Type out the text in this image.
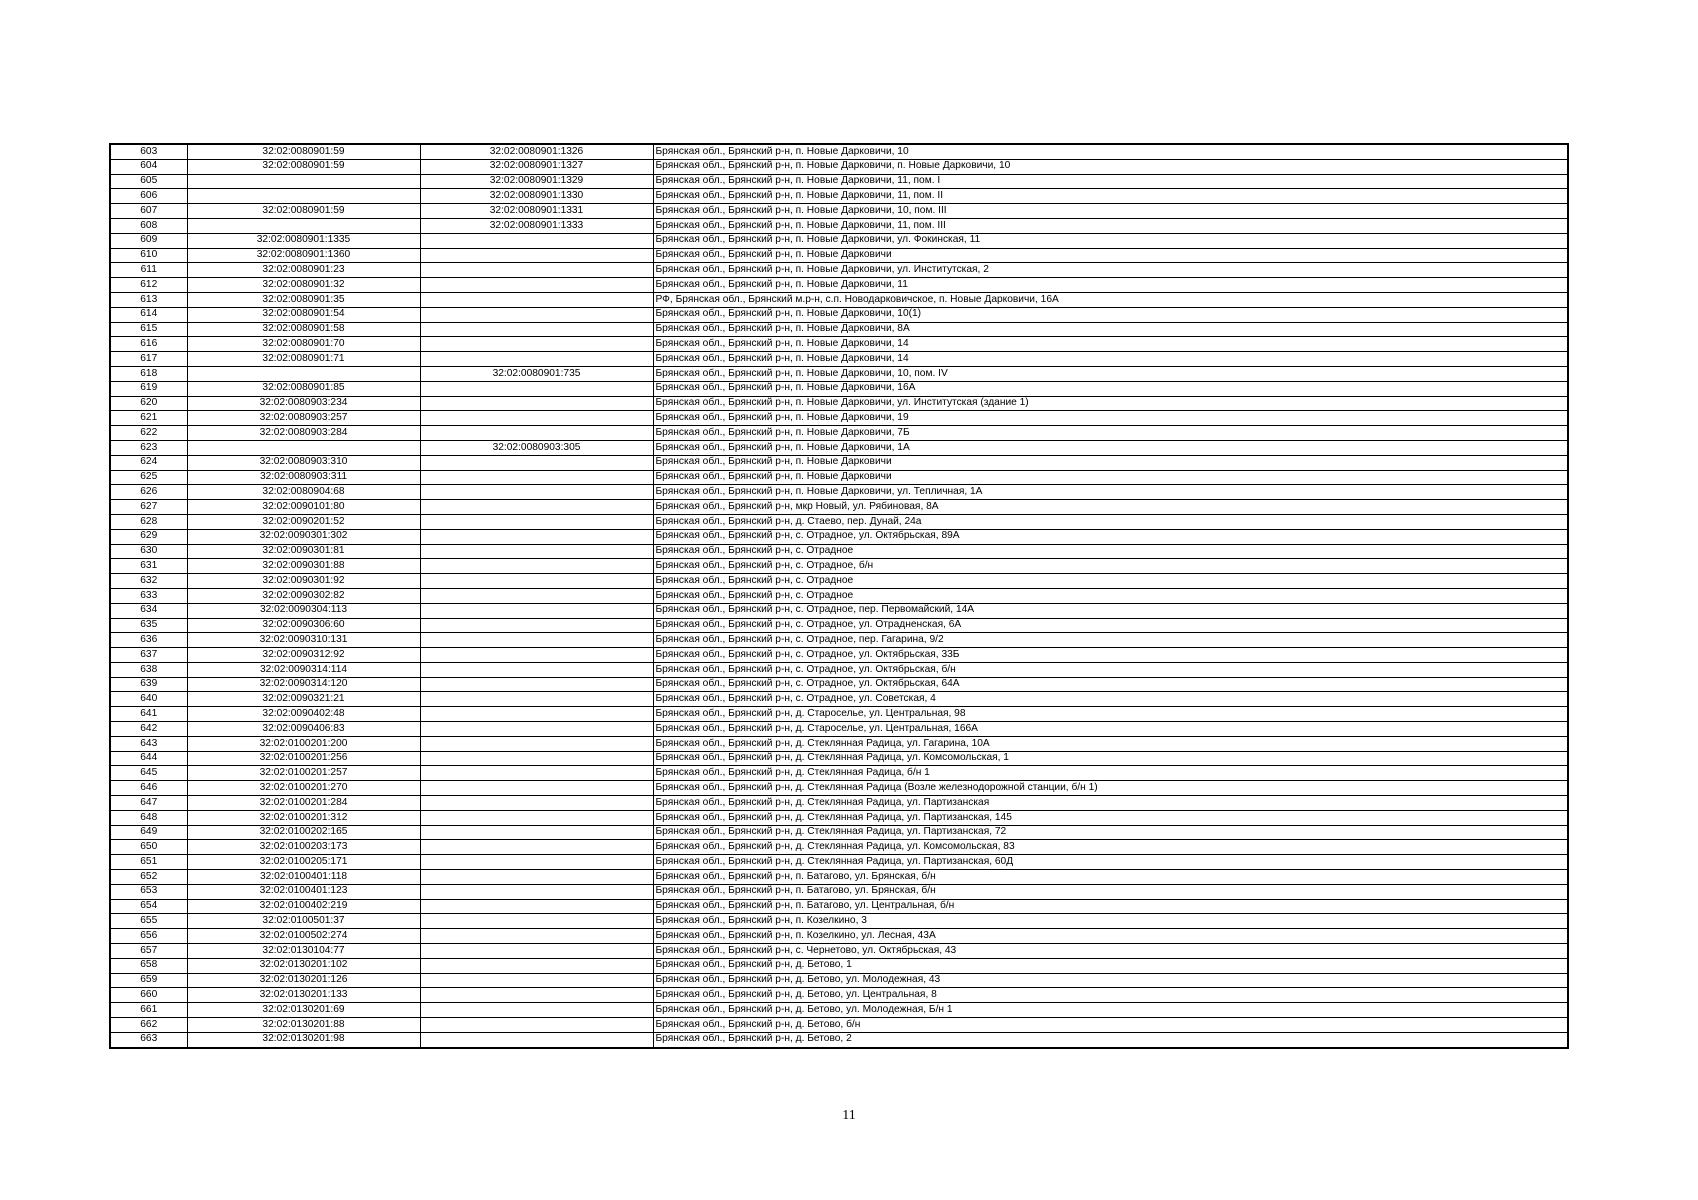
603	32:02:0080901:59	32:02:0080901:1326	Брянская обл., Брянский р-н, п. Новые Дарковичи, 10
604	32:02:0080901:59	32:02:0080901:1327	Брянская обл., Брянский р-н, п. Новые Дарковичи, п. Новые Дарковичи, 10
605		32:02:0080901:1329	Брянская обл., Брянский р-н, п. Новые Дарковичи, 11, пом. I
606		32:02:0080901:1330	Брянская обл., Брянский р-н, п. Новые Дарковичи, 11, пом. II
607	32:02:0080901:59	32:02:0080901:1331	Брянская обл., Брянский р-н, п. Новые Дарковичи, 10, пом. III
608		32:02:0080901:1333	Брянская обл., Брянский р-н, п. Новые Дарковичи, 11, пом. III
609	32:02:0080901:1335		Брянская обл., Брянский р-н, п. Новые Дарковичи, ул. Фокинская, 11
610	32:02:0080901:1360		Брянская обл., Брянский р-н, п. Новые Дарковичи
611	32:02:0080901:23		Брянская обл., Брянский р-н, п. Новые Дарковичи, ул. Институтская, 2
612	32:02:0080901:32		Брянская обл., Брянский р-н, п. Новые Дарковичи, 11
613	32:02:0080901:35		РФ, Брянская обл., Брянский м.р-н, с.п. Новодарковичское, п. Новые Дарковичи, 16А
614	32:02:0080901:54		Брянская обл., Брянский р-н, п. Новые Дарковичи, 10(1)
615	32:02:0080901:58		Брянская обл., Брянский р-н, п. Новые Дарковичи, 8А
616	32:02:0080901:70		Брянская обл., Брянский р-н, п. Новые Дарковичи, 14
617	32:02:0080901:71		Брянская обл., Брянский р-н, п. Новые Дарковичи, 14
618		32:02:0080901:735	Брянская обл., Брянский р-н, п. Новые Дарковичи, 10, пом. IV
619	32:02:0080901:85		Брянская обл., Брянский р-н, п. Новые Дарковичи, 16А
620	32:02:0080903:234		Брянская обл., Брянский р-н, п. Новые Дарковичи, ул. Институтская (здание 1)
621	32:02:0080903:257		Брянская обл., Брянский р-н, п. Новые Дарковичи, 19
622	32:02:0080903:284		Брянская обл., Брянский р-н, п. Новые Дарковичи, 7Б
623		32:02:0080903:305	Брянская обл., Брянский р-н, п. Новые Дарковичи, 1А
624	32:02:0080903:310		Брянская обл., Брянский р-н, п. Новые Дарковичи
625	32:02:0080903:311		Брянская обл., Брянский р-н, п. Новые Дарковичи
626	32:02:0080904:68		Брянская обл., Брянский р-н, п. Новые Дарковичи, ул. Тепличная, 1А
627	32:02:0090101:80		Брянская обл., Брянский р-н, мкр Новый, ул. Рябиновая, 8А
628	32:02:0090201:52		Брянская обл., Брянский р-н, д. Стаево, пер. Дунай, 24а
629	32:02:0090301:302		Брянская обл., Брянский р-н, с. Отрадное, ул. Октябрьская, 89А
630	32:02:0090301:81		Брянская обл., Брянский р-н, с. Отрадное
631	32:02:0090301:88		Брянская обл., Брянский р-н, с. Отрадное, б/н
632	32:02:0090301:92		Брянская обл., Брянский р-н, с. Отрадное
633	32:02:0090302:82		Брянская обл., Брянский р-н, с. Отрадное
634	32:02:0090304:113		Брянская обл., Брянский р-н, с. Отрадное, пер. Первомайский, 14А
635	32:02:0090306:60		Брянская обл., Брянский р-н, с. Отрадное, ул. Отрадненская, 6А
636	32:02:0090310:131		Брянская обл., Брянский р-н, с. Отрадное, пер. Гагарина, 9/2
637	32:02:0090312:92		Брянская обл., Брянский р-н, с. Отрадное, ул. Октябрьская, 33Б
638	32:02:0090314:114		Брянская обл., Брянский р-н, с. Отрадное, ул. Октябрьская, б/н
639	32:02:0090314:120		Брянская обл., Брянский р-н, с. Отрадное, ул. Октябрьская, 64А
640	32:02:0090321:21		Брянская обл., Брянский р-н, с. Отрадное, ул. Советская, 4
641	32:02:0090402:48		Брянская обл., Брянский р-н, д. Староселье, ул. Центральная, 98
642	32:02:0090406:83		Брянская обл., Брянский р-н, д. Староселье, ул. Центральная, 166А
643	32:02:0100201:200		Брянская обл., Брянский р-н, д. Стеклянная Радица, ул. Гагарина, 10А
644	32:02:0100201:256		Брянская обл., Брянский р-н, д. Стеклянная Радица, ул. Комсомольская, 1
645	32:02:0100201:257		Брянская обл., Брянский р-н, д. Стеклянная Радица, б/н 1
646	32:02:0100201:270		Брянская обл., Брянский р-н, д. Стеклянная Радица (Возле железнодорожной станции, б/н 1)
647	32:02:0100201:284		Брянская обл., Брянский р-н, д. Стеклянная Радица, ул. Партизанская
648	32:02:0100201:312		Брянская обл., Брянский р-н, д. Стеклянная Радица, ул. Партизанская, 145
649	32:02:0100202:165		Брянская обл., Брянский р-н, д. Стеклянная Радица, ул. Партизанская, 72
650	32:02:0100203:173		Брянская обл., Брянский р-н, д. Стеклянная Радица, ул. Комсомольская, 83
651	32:02:0100205:171		Брянская обл., Брянский р-н, д. Стеклянная Радица, ул. Партизанская, 60Д
652	32:02:0100401:118		Брянская обл., Брянский р-н, п. Батагово, ул. Брянская, б/н
653	32:02:0100401:123		Брянская обл., Брянский р-н, п. Батагово, ул. Брянская, б/н
654	32:02:0100402:219		Брянская обл., Брянский р-н, п. Батагово, ул. Центральная, б/н
655	32:02:0100501:37		Брянская обл., Брянский р-н, п. Козелкино, 3
656	32:02:0100502:274		Брянская обл., Брянский р-н, п. Козелкино, ул. Лесная, 43А
657	32:02:0130104:77		Брянская обл., Брянский р-н, с. Чернетово, ул. Октябрьская, 43
658	32:02:0130201:102		Брянская обл., Брянский р-н, д. Бетово, 1
659	32:02:0130201:126		Брянская обл., Брянский р-н, д. Бетово, ул. Молодежная, 43
660	32:02:0130201:133		Брянская обл., Брянский р-н, д. Бетово, ул. Центральная, 8
661	32:02:0130201:69		Брянская обл., Брянский р-н, д. Бетово, ул. Молодежная, Б/н 1
662	32:02:0130201:88		Брянская обл., Брянский р-н, д. Бетово, б/н
663	32:02:0130201:98		Брянская обл., Брянский р-н, д. Бетово, 2
11
